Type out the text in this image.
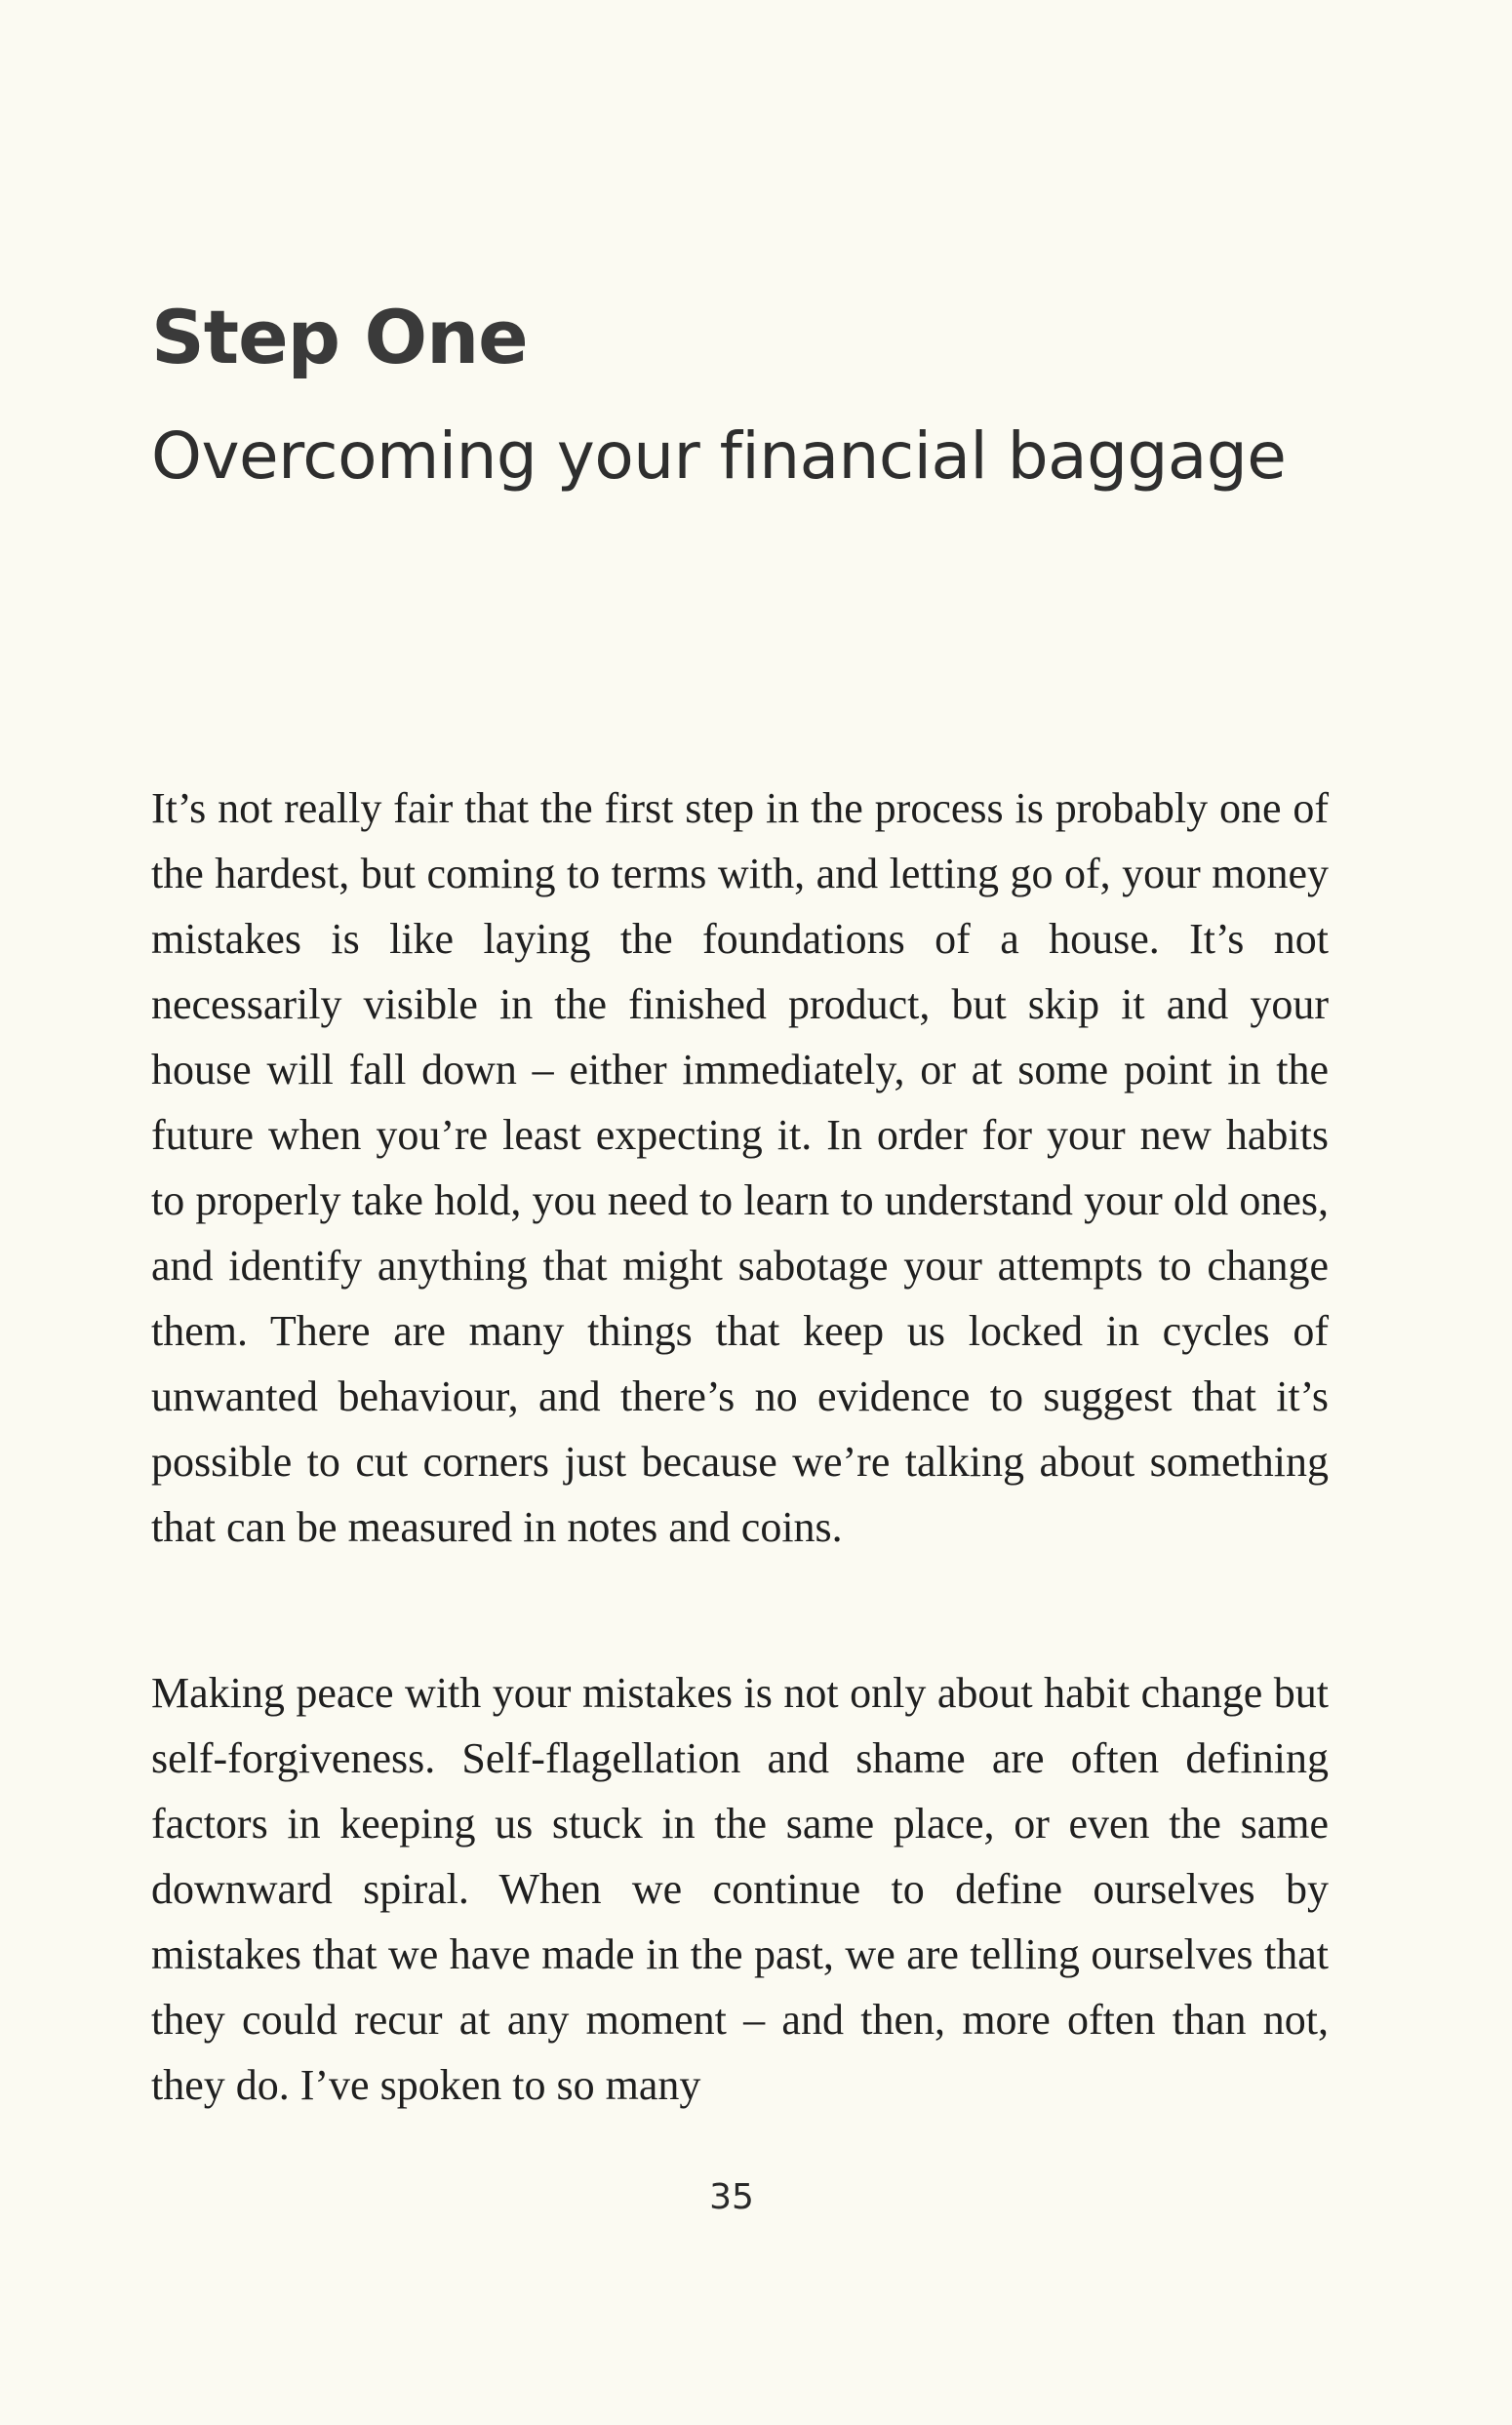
Step One
Overcoming your financial baggage

It’s not really fair that the first step in the process is probably one of the hardest, but coming to terms with, and letting go of, your money mistakes is like laying the foundations of a house. It’s not necessarily visible in the finished product, but skip it and your house will fall down – either immediately, or at some point in the future when you’re least expecting it. In order for your new habits to properly take hold, you need to learn to understand your old ones, and identify anything that might sabotage your attempts to change them. There are many things that keep us locked in cycles of unwanted behaviour, and there’s no evidence to suggest that it’s possible to cut corners just because we’re talking about something that can be measured in notes and coins.

Making peace with your mistakes is not only about habit change but self-forgiveness. Self-flagellation and shame are often defining factors in keeping us stuck in the same place, or even the same downward spiral. When we continue to define ourselves by mistakes that we have made in the past, we are telling ourselves that they could recur at any moment – and then, more often than not, they do. I’ve spoken to so many

35
